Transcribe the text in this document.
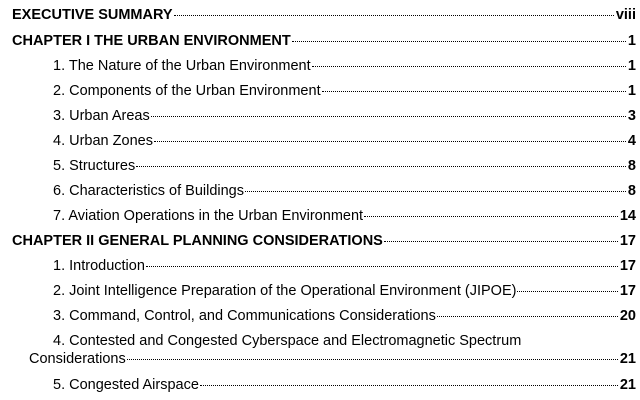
EXECUTIVE SUMMARY	viii
CHAPTER I THE URBAN ENVIRONMENT	1
1. The Nature of the Urban Environment	1
2. Components of the Urban Environment	1
3. Urban Areas	3
4. Urban Zones	4
5. Structures	8
6. Characteristics of Buildings	8
7. Aviation Operations in the Urban Environment	14
CHAPTER II GENERAL PLANNING CONSIDERATIONS	17
1. Introduction	17
2. Joint Intelligence Preparation of the Operational Environment (JIPOE)	17
3. Command, Control, and Communications Considerations	20
4. Contested and Congested Cyberspace and Electromagnetic Spectrum
Considerations	21
5. Congested Airspace	21
